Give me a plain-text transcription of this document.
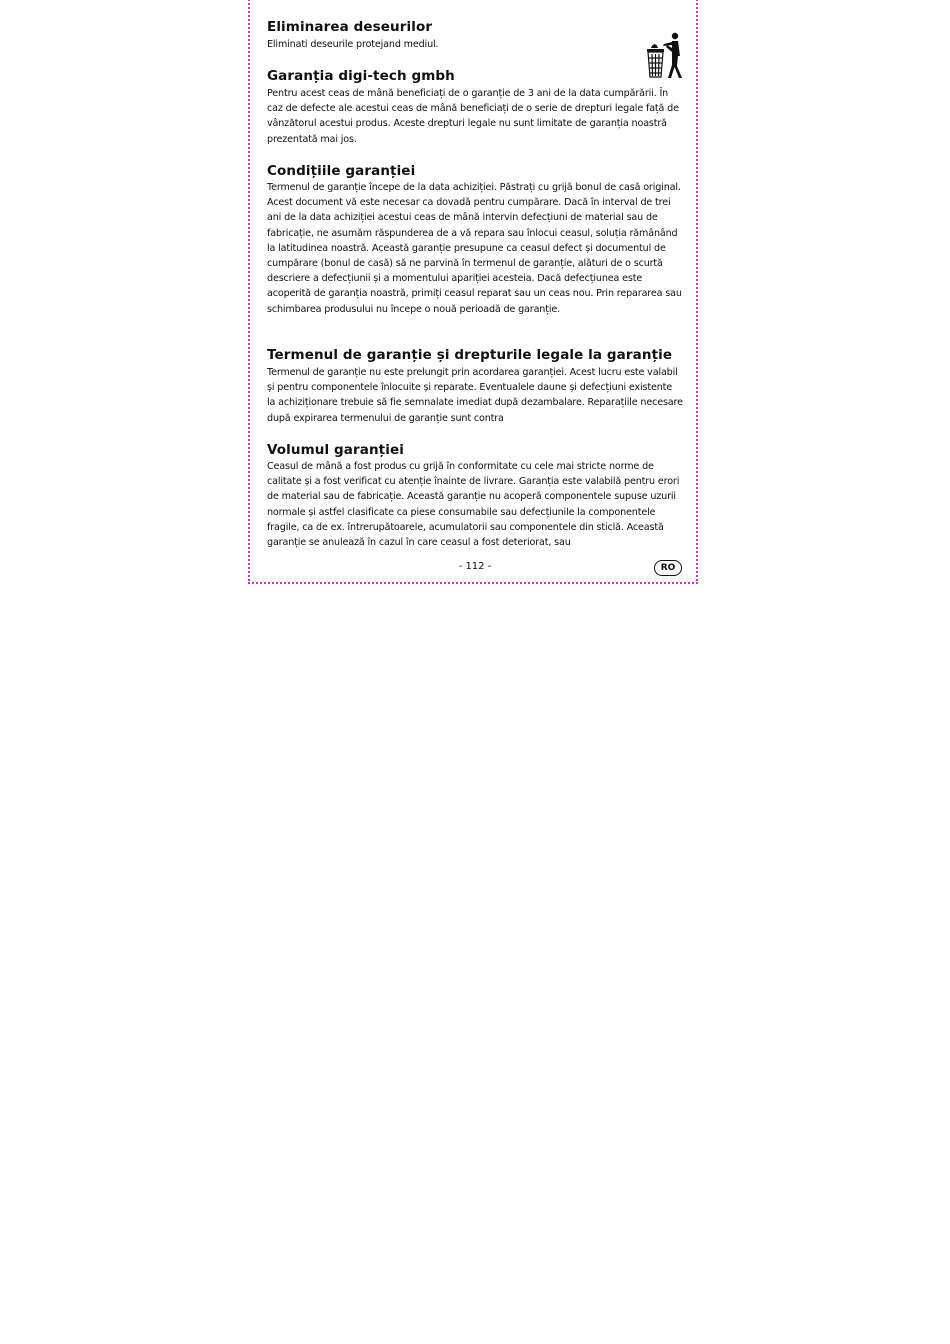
Eliminarea deseurilor

Eliminati deseurile protejand mediul.

Garanția digi-tech gmbh

Pentru acest ceas de mână beneficiați de o garanție de 3 ani de la data cumpărării. În caz de defecte ale acestui ceas de mână beneficiați de o serie de drepturi legale față de vânzătorul acestui produs. Aceste drepturi legale nu sunt limitate de garanția noastră prezentată mai jos.

Condițiile garanției

Termenul de garanție începe de la data achiziției. Păstrați cu grijă bonul de casă original. Acest document vă este necesar ca dovadă pentru cumpărare. Dacă în interval de trei ani de la data achiziției acestui ceas de mână intervin defecțiuni de material sau de fabricație, ne asumăm răspunderea de a vă repara sau înlocui ceasul, soluția rămânând la latitudinea noastră. Această garanție presupune ca ceasul defect și documentul de cumpărare (bonul de casă) să ne parvină în termenul de garanție, alături de o scurtă descriere a defecțiunii și a momentului apariției acesteia. Dacă defecțiunea este acoperită de garanția noastră, primiți ceasul reparat sau un ceas nou. Prin repararea sau schimbarea produsului nu începe o nouă perioadă de garanție.

Termenul de garanție și drepturile legale la garanție

Termenul de garanție nu este prelungit prin acordarea garanției. Acest lucru este valabil și pentru componentele înlocuite și reparate. Eventualele daune și defecțiuni existente la achiziționare trebuie să fie semnalate imediat după dezambalare. Reparațiile necesare după expirarea termenului de garanție sunt contra

Volumul garanției

Ceasul de mână a fost produs cu grijă în conformitate cu cele mai stricte norme de calitate și a fost verificat cu atenție înainte de livrare. Garanția este valabilă pentru erori de material sau de fabricație. Această garanție nu acoperă componentele supuse uzurii normale și astfel clasificate ca piese consumabile sau defecțiunile la componentele fragile, ca de ex. întrerupătoarele, acumulatorii sau componentele din sticlă. Această garanție se anulează în cazul în care ceasul a fost deteriorat, sau

- 112 -	RO
